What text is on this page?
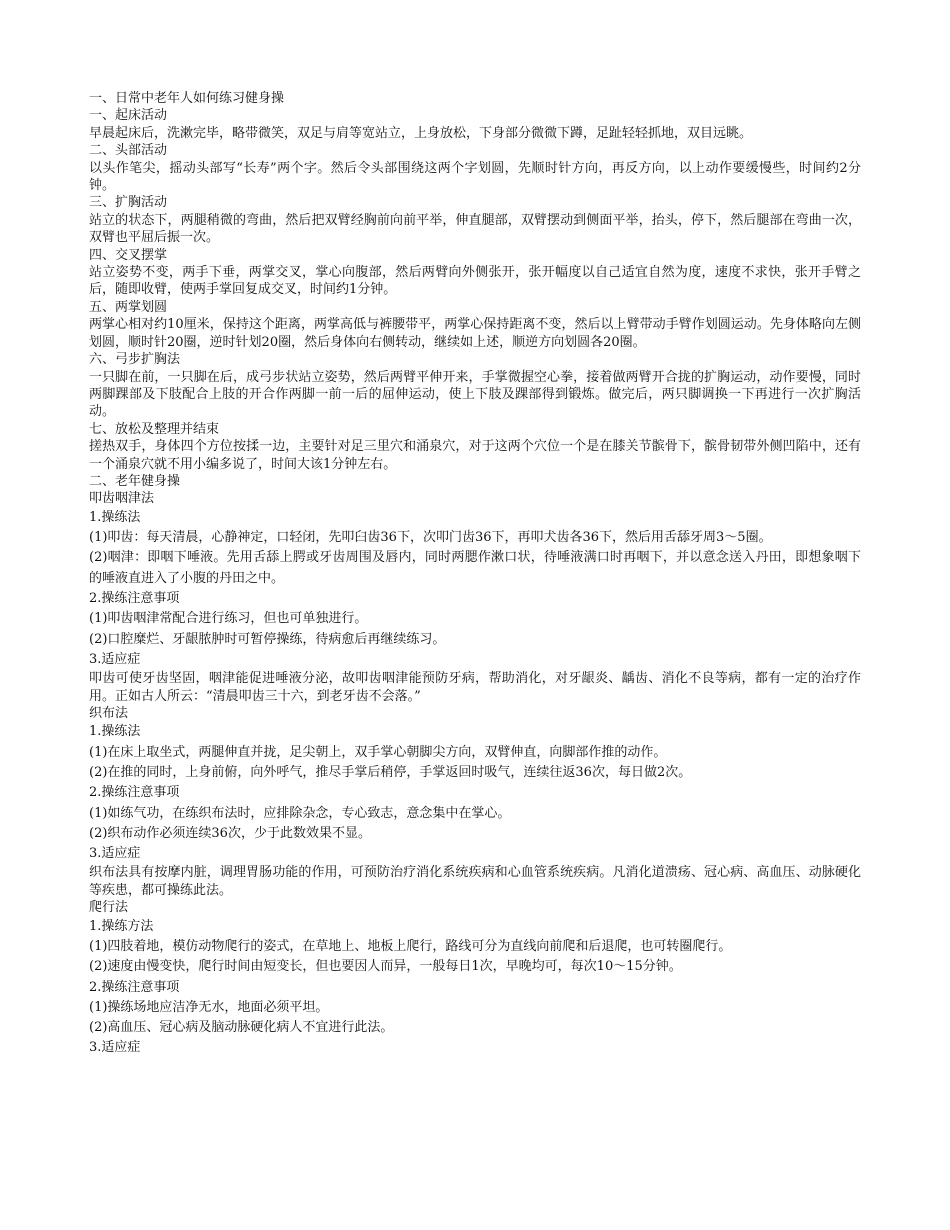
一、日常中老年人如何练习健身操

一、起床活动

早晨起床后，洗漱完毕，略带微笑，双足与肩等宽站立，上身放松，下身部分微微下蹲，足趾轻轻抓地，双目远眺。

二、头部活动

以头作笔尖，摇动头部写“长寿”两个字。然后令头部围绕这两个字划圆，先顺时针方向，再反方向，以上动作要缓慢些，时间约2分钟。

三、扩胸活动

站立的状态下，两腿稍微的弯曲，然后把双臂经胸前向前平举，伸直腿部，双臂摆动到侧面平举，抬头，停下，然后腿部在弯曲一次，双臂也平屈后振一次。

四、交叉摆掌

站立姿势不变，两手下垂，两掌交叉，掌心向腹部，然后两臂向外侧张开，张开幅度以自己适宜自然为度，速度不求快，张开手臂之后，随即收臂，使两手掌回复成交叉，时间约1分钟。

五、两掌划圆

两掌心相对约10厘米，保持这个距离，两掌高低与裤腰带平，两掌心保持距离不变，然后以上臂带动手臂作划圆运动。先身体略向左侧划圆，顺时针20圈，逆时针划20圈，然后身体向右侧转动，继续如上述，顺逆方向划圆各20圈。

六、弓步扩胸法

一只脚在前，一只脚在后，成弓步状站立姿势，然后两臂平伸开来，手掌微握空心拳，接着做两臂开合拢的扩胸运动，动作要慢，同时两脚踝部及下肢配合上肢的开合作两脚一前一后的屈伸运动，使上下肢及踝部得到锻炼。做完后，两只脚调换一下再进行一次扩胸活动。

七、放松及整理并结束

搓热双手，身体四个方位按揉一边，主要针对足三里穴和涌泉穴，对于这两个穴位一个是在膝关节髌骨下，髌骨韧带外侧凹陷中，还有一个涌泉穴就不用小编多说了，时间大该1分钟左右。

二、老年健身操

叩齿咽津法

1.操练法

(1)叩齿：每天清晨，心静神定，口轻闭，先叩臼齿36下，次叩门齿36下，再叩犬齿各36下，然后用舌舔牙周3～5圈。

(2)咽津：即咽下唾液。先用舌舔上腭或牙齿周围及唇内，同时两腮作漱口状，待唾液满口时再咽下，并以意念送入丹田，即想象咽下的唾液直进入了小腹的丹田之中。

2.操练注意事项

(1)叩齿咽津常配合进行练习，但也可单独进行。

(2)口腔糜烂、牙龈脓肿时可暂停操练，待病愈后再继续练习。

3.适应症

叩齿可使牙齿坚固，咽津能促进唾液分泌，故叩齿咽津能预防牙病，帮助消化，对牙龈炎、龋齿、消化不良等病，都有一定的治疗作用。正如古人所云：“清晨叩齿三十六，到老牙齿不会落。”

织布法

1.操练法

(1)在床上取坐式，两腿伸直并拢，足尖朝上，双手掌心朝脚尖方向，双臂伸直，向脚部作推的动作。

(2)在推的同时，上身前俯，向外呼气，推尽手掌后稍停，手掌返回时吸气，连续往返36次，每日做2次。

2.操练注意事项

(1)如练气功，在练织布法时，应排除杂念，专心致志，意念集中在掌心。

(2)织布动作必须连续36次，少于此数效果不显。

3.适应症

织布法具有按摩内脏，调理胃肠功能的作用，可预防治疗消化系统疾病和心血管系统疾病。凡消化道溃疡、冠心病、高血压、动脉硬化等疾患，都可操练此法。

爬行法

1.操练方法

(1)四肢着地，模仿动物爬行的姿式，在草地上、地板上爬行，路线可分为直线向前爬和后退爬，也可转圈爬行。

(2)速度由慢变快，爬行时间由短变长，但也要因人而异，一般每日1次，早晚均可，每次10～15分钟。

2.操练注意事项

(1)操练场地应洁净无水，地面必须平坦。

(2)高血压、冠心病及脑动脉硬化病人不宜进行此法。

3.适应症
